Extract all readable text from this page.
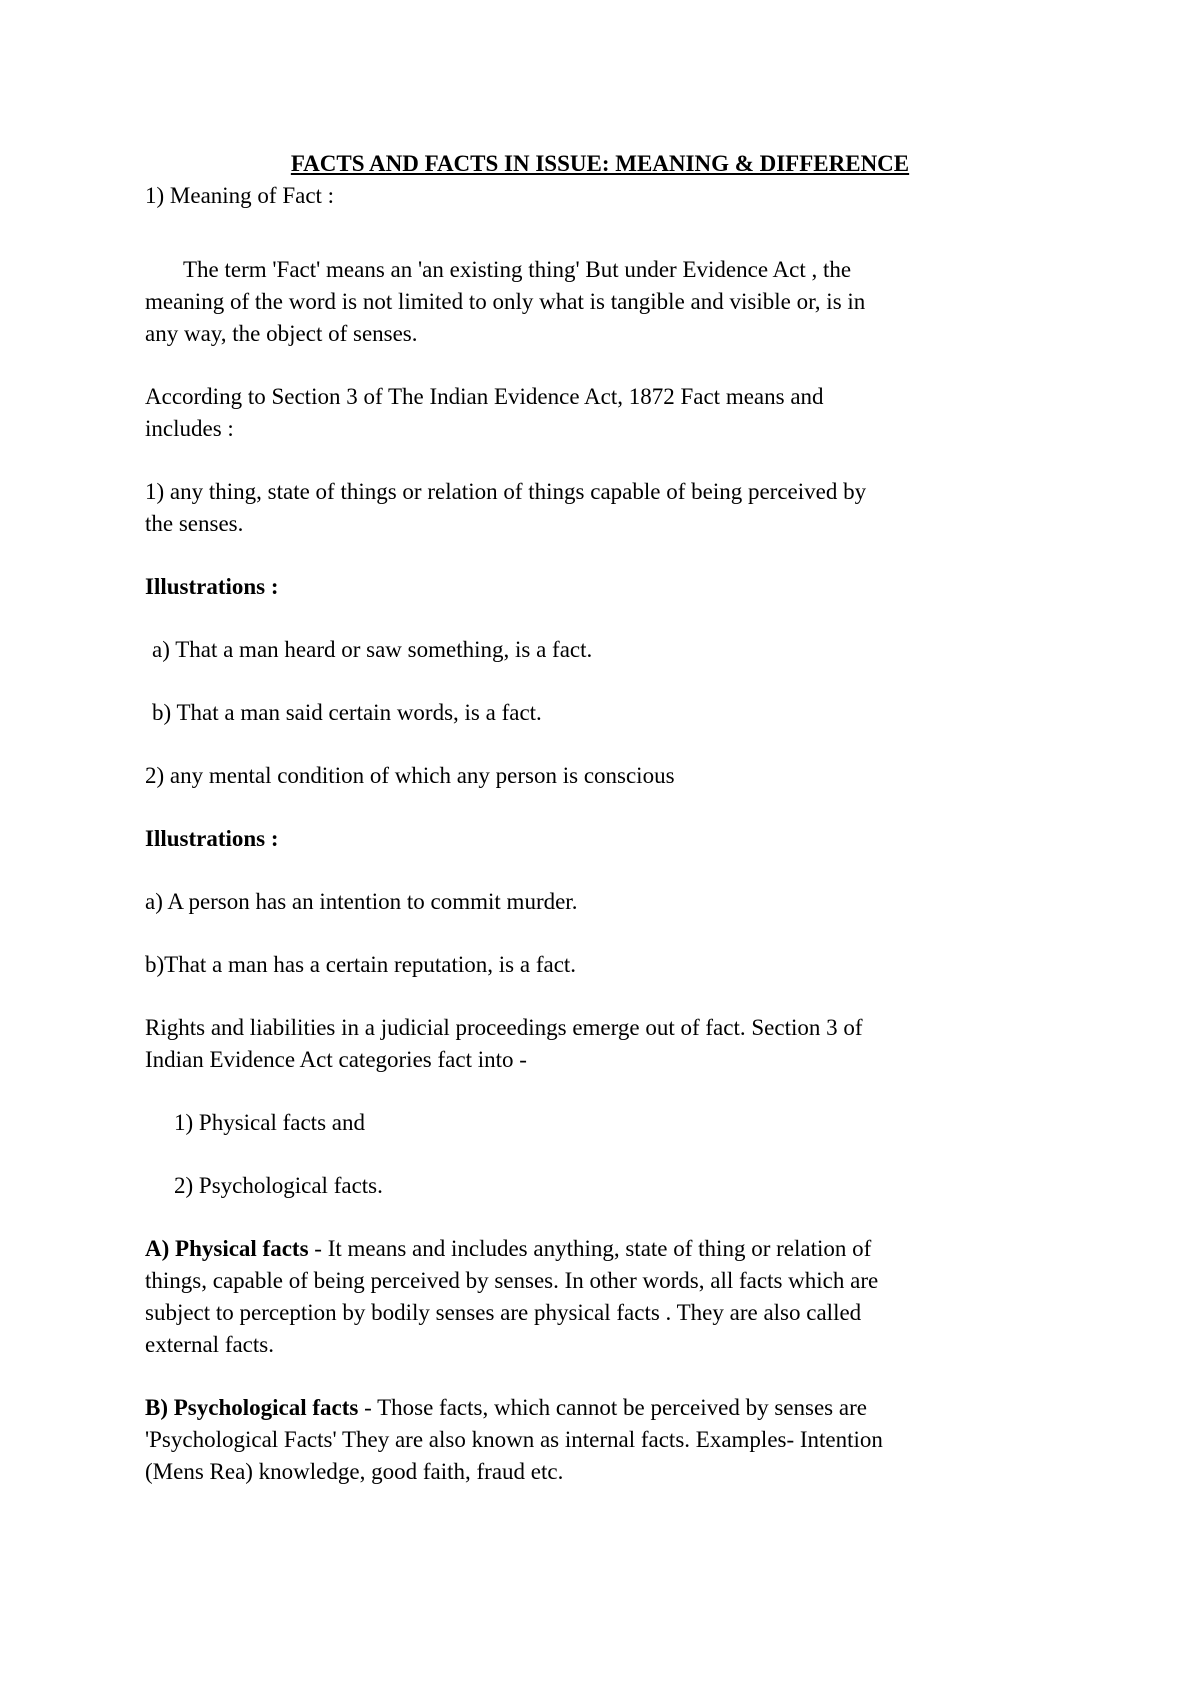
FACTS AND FACTS IN ISSUE: MEANING & DIFFERENCE
1) Meaning of Fact :
The term 'Fact' means an 'an existing thing' But under Evidence Act , the
meaning of the word is not limited to only what is tangible and visible or, is in
any way, the object of senses.
According to Section 3 of The Indian Evidence Act, 1872 Fact means and
includes :
1) any thing, state of things or relation of things capable of being perceived by
the senses.
Illustrations :
a) That a man heard or saw something, is a fact.
b) That a man said certain words, is a fact.
2) any mental condition of which any person is conscious
Illustrations :
a) A person has an intention to commit murder.
b)That a man has a certain reputation, is a fact.
Rights and liabilities in a judicial proceedings emerge out of fact. Section 3 of
Indian Evidence Act categories fact into -
1) Physical facts and
2) Psychological facts.
A) Physical facts - It means and includes anything, state of thing or relation of
things, capable of being perceived by senses. In other words, all facts which are
subject to perception by bodily senses are physical facts . They are also called
external facts.
B) Psychological facts - Those facts, which cannot be perceived by senses are
'Psychological Facts' They are also known as internal facts. Examples- Intention
(Mens Rea) knowledge, good faith, fraud etc.
